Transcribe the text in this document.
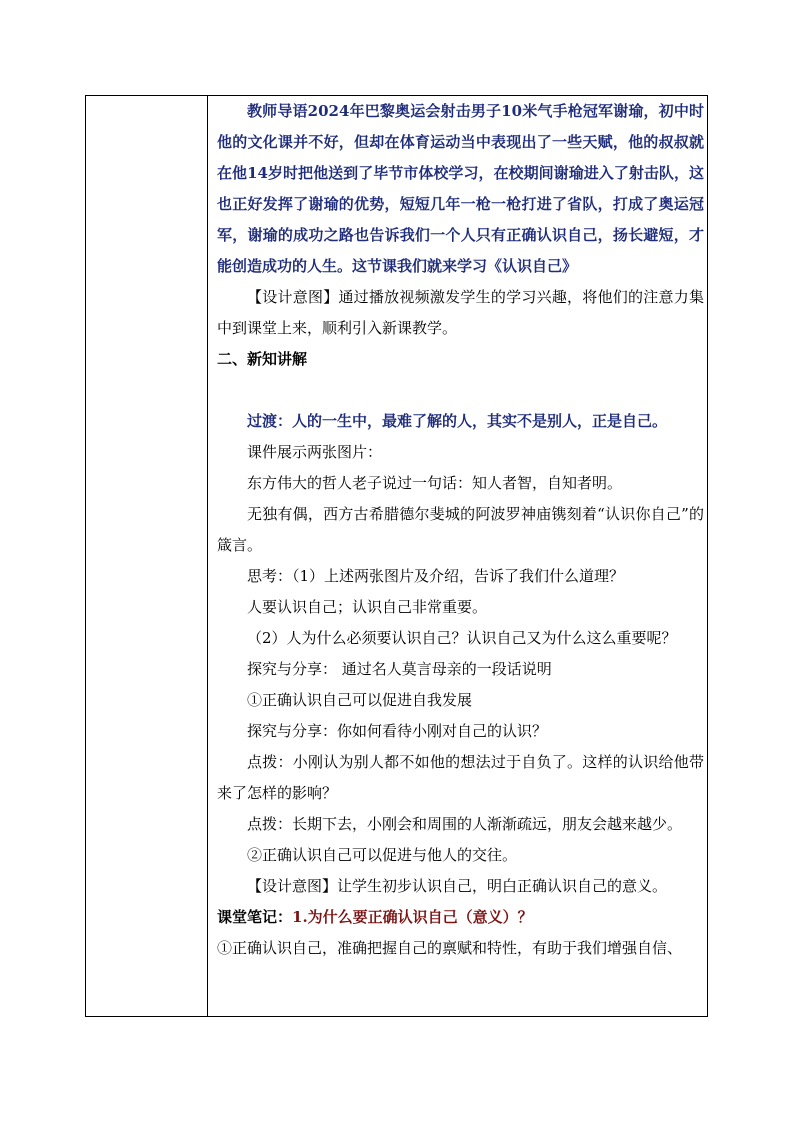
教师导语2024年巴黎奥运会射击男子10米气手枪冠军谢瑜，初中时他的文化课并不好，但却在体育运动当中表现出了一些天赋，他的叔叔就在他14岁时把他送到了毕节市体校学习，在校期间谢瑜进入了射击队，这也正好发挥了谢瑜的优势，短短几年一枪一枪打进了省队，打成了奥运冠军，谢瑜的成功之路也告诉我们一个人只有正确认识自己，扬长避短，才能创造成功的人生。这节课我们就来学习《认识自己》

【设计意图】通过播放视频激发学生的学习兴趣，将他们的注意力集中到课堂上来，顺利引入新课教学。

二、新知讲解

过渡：人的一生中，最难了解的人，其实不是别人，正是自己。

课件展示两张图片：

东方伟大的哲人老子说过一句话：知人者智，自知者明。

无独有偶，西方古希腊德尔斐城的阿波罗神庙镌刻着“认识你自己”的箴言。

思考：（1）上述两张图片及介绍，告诉了我们什么道理？

人要认识自己；认识自己非常重要。

（2）人为什么必须要认识自己？认识自己又为什么这么重要呢？

探究与分享： 通过名人莫言母亲的一段话说明

①正确认识自己可以促进自我发展

探究与分享：你如何看待小刚对自己的认识？

点拨：小刚认为别人都不如他的想法过于自负了。这样的认识给他带来了怎样的影响？

点拨：长期下去，小刚会和周围的人渐渐疏远，朋友会越来越少。

②正确认识自己可以促进与他人的交往。

【设计意图】让学生初步认识自己，明白正确认识自己的意义。

课堂笔记：1.为什么要正确认识自己（意义）？

①正确认识自己，准确把握自己的禀赋和特性，有助于我们增强自信、
